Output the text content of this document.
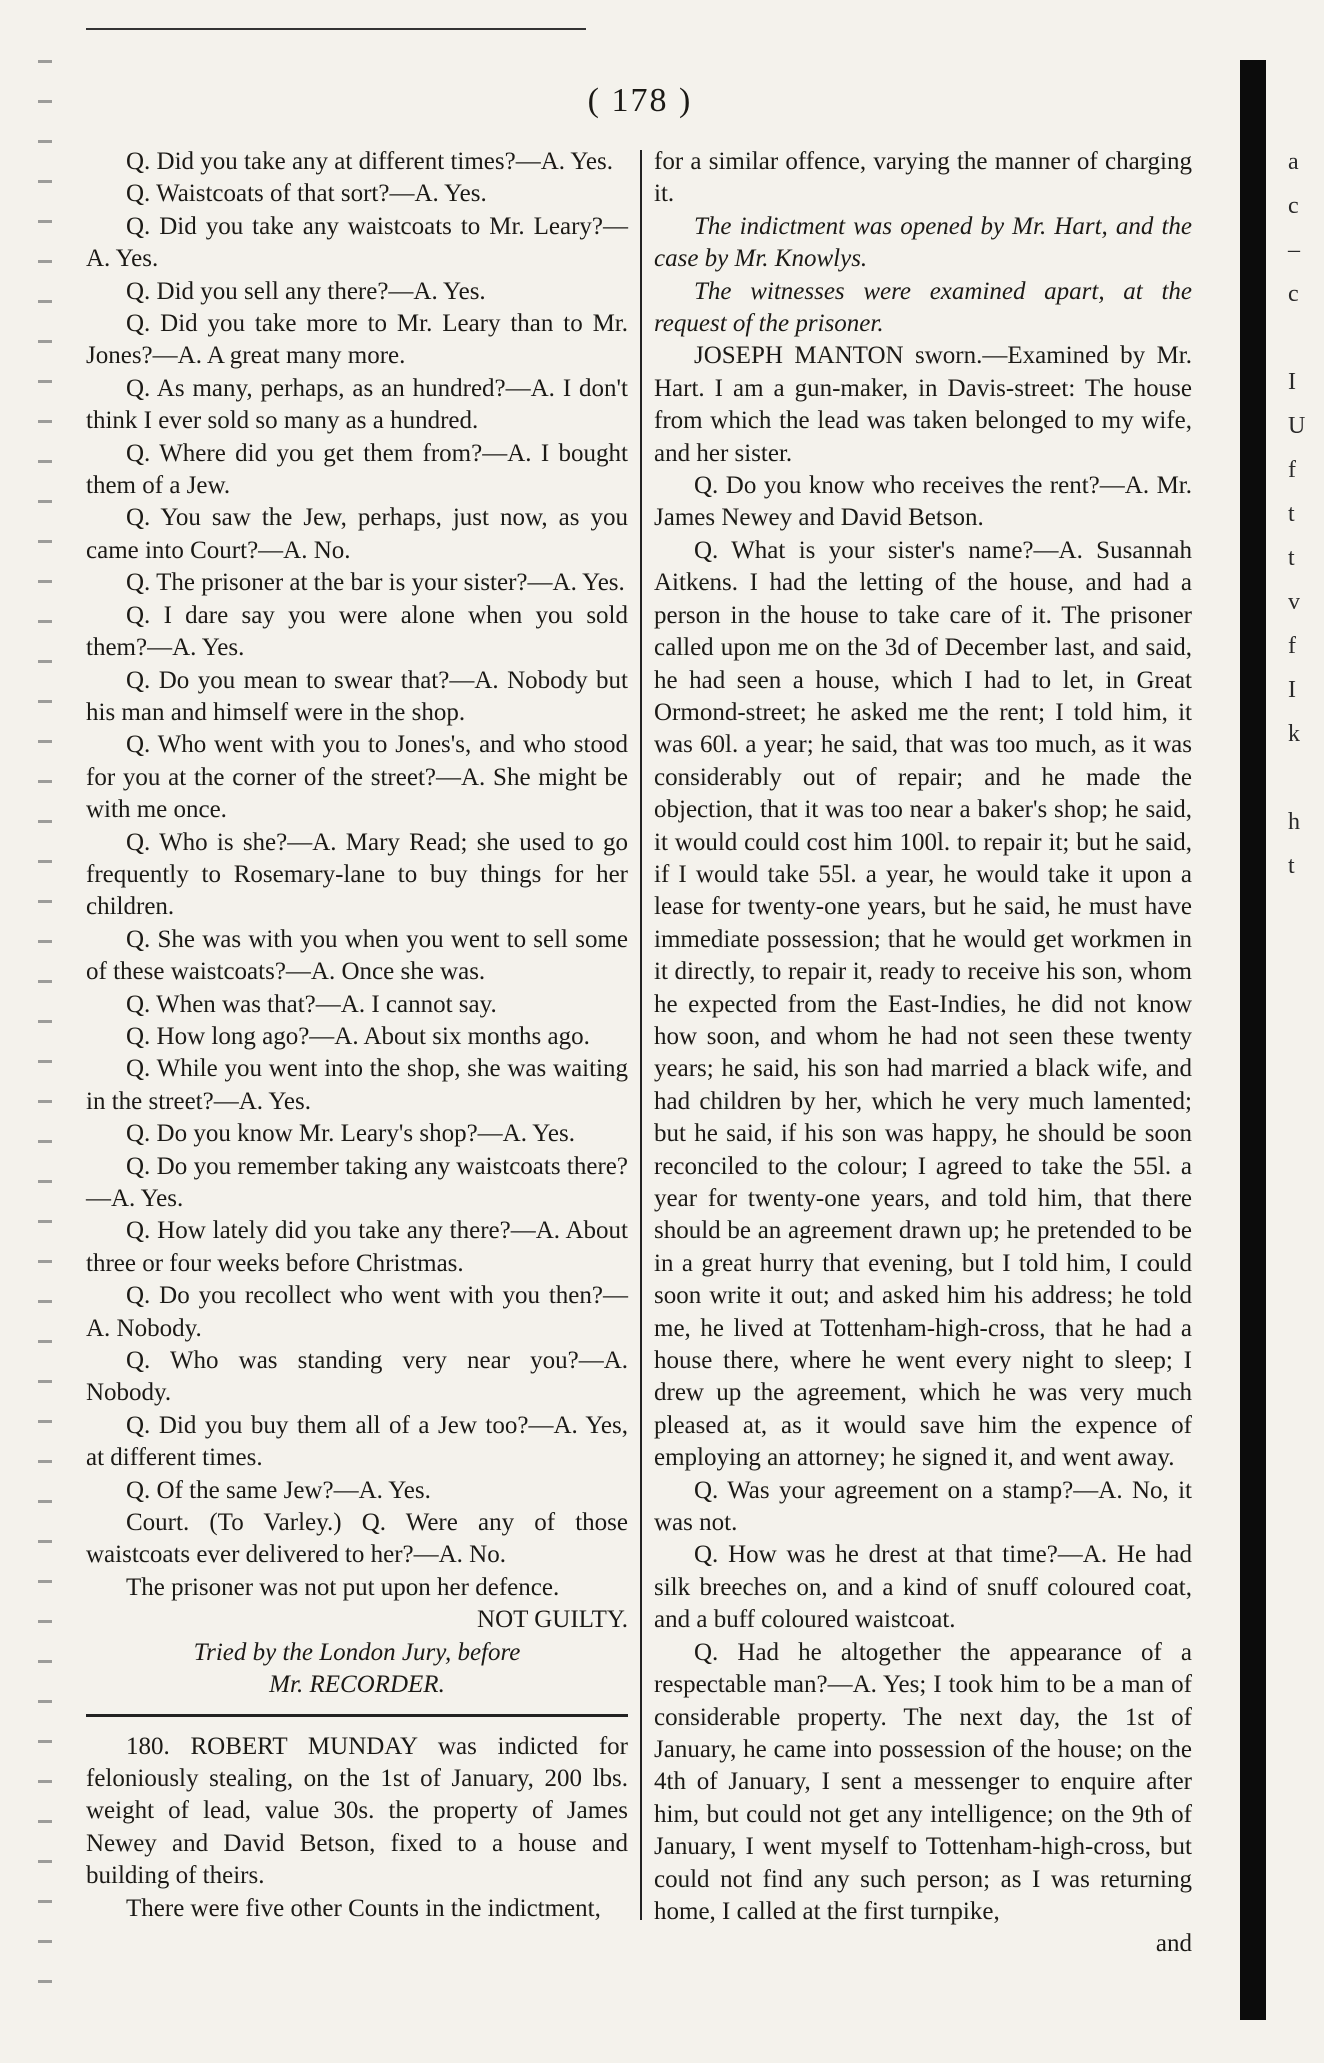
( 178 )

Q. Did you take any at different times?—A. Yes.

Q. Waistcoats of that sort?—A. Yes.

Q. Did you take any waistcoats to Mr. Leary?—A. Yes.

Q. Did you sell any there?—A. Yes.

Q. Did you take more to Mr. Leary than to Mr. Jones?—A. A great many more.

Q. As many, perhaps, as an hundred?—A. I don't think I ever sold so many as a hundred.

Q. Where did you get them from?—A. I bought them of a Jew.

Q. You saw the Jew, perhaps, just now, as you came into Court?—A. No.

Q. The prisoner at the bar is your sister?—A. Yes.

Q. I dare say you were alone when you sold them?—A. Yes.

Q. Do you mean to swear that?—A. Nobody but his man and himself were in the shop.

Q. Who went with you to Jones's, and who stood for you at the corner of the street?—A. She might be with me once.

Q. Who is she?—A. Mary Read; she used to go frequently to Rosemary-lane to buy things for her children.

Q. She was with you when you went to sell some of these waistcoats?—A. Once she was.

Q. When was that?—A. I cannot say.

Q. How long ago?—A. About six months ago.

Q. While you went into the shop, she was waiting in the street?—A. Yes.

Q. Do you know Mr. Leary's shop?—A. Yes.

Q. Do you remember taking any waistcoats there?—A. Yes.

Q. How lately did you take any there?—A. About three or four weeks before Christmas.

Q. Do you recollect who went with you then?—A. Nobody.

Q. Who was standing very near you?—A. Nobody.

Q. Did you buy them all of a Jew too?—A. Yes, at different times.

Q. Of the same Jew?—A. Yes.

Court. (To Varley.) Q. Were any of those waistcoats ever delivered to her?—A. No.

The prisoner was not put upon her defence.

NOT GUILTY.

Tried by the London Jury, before

Mr. RECORDER.

180. ROBERT MUNDAY was indicted for feloniously stealing, on the 1st of January, 200 lbs. weight of lead, value 30s. the property of James Newey and David Betson, fixed to a house and building of theirs.

There were five other Counts in the indictment,

for a similar offence, varying the manner of charging it.

The indictment was opened by Mr. Hart, and the case by Mr. Knowlys.

The witnesses were examined apart, at the request of the prisoner.

JOSEPH MANTON sworn.—Examined by Mr. Hart. I am a gun-maker, in Davis-street: The house from which the lead was taken belonged to my wife, and her sister.

Q. Do you know who receives the rent?—A. Mr. James Newey and David Betson.

Q. What is your sister's name?—A. Susannah Aitkens. I had the letting of the house, and had a person in the house to take care of it. The prisoner called upon me on the 3d of December last, and said, he had seen a house, which I had to let, in Great Ormond-street; he asked me the rent; I told him, it was 60l. a year; he said, that was too much, as it was considerably out of repair; and he made the objection, that it was too near a baker's shop; he said, it would could cost him 100l. to repair it; but he said, if I would take 55l. a year, he would take it upon a lease for twenty-one years, but he said, he must have immediate possession; that he would get workmen in it directly, to repair it, ready to receive his son, whom he expected from the East-Indies, he did not know how soon, and whom he had not seen these twenty years; he said, his son had married a black wife, and had children by her, which he very much lamented; but he said, if his son was happy, he should be soon reconciled to the colour; I agreed to take the 55l. a year for twenty-one years, and told him, that there should be an agreement drawn up; he pretended to be in a great hurry that evening, but I told him, I could soon write it out; and asked him his address; he told me, he lived at Tottenham-high-cross, that he had a house there, where he went every night to sleep; I drew up the agreement, which he was very much pleased at, as it would save him the expence of employing an attorney; he signed it, and went away.

Q. Was your agreement on a stamp?—A. No, it was not.

Q. How was he drest at that time?—A. He had silk breeches on, and a kind of snuff coloured coat, and a buff coloured waistcoat.

Q. Had he altogether the appearance of a respectable man?—A. Yes; I took him to be a man of considerable property. The next day, the 1st of January, he came into possession of the house; on the 4th of January, I sent a messenger to enquire after him, but could not get any intelligence; on the 9th of January, I went myself to Tottenham-high-cross, but could not find any such person; as I was returning home, I called at the first turnpike,

and

a
c
–
c

I
U
f
t
t
v
f
I
k

h
t
